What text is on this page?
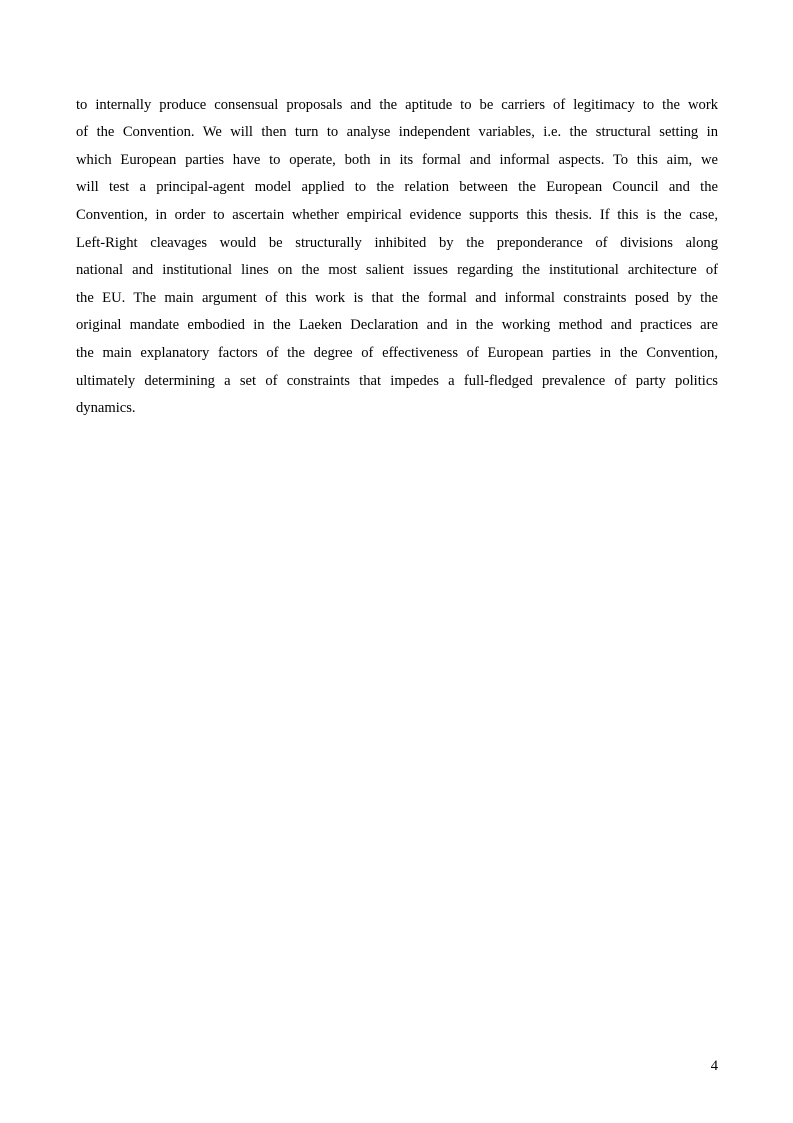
to internally produce consensual proposals and the aptitude to be carriers of legitimacy to the work
of the Convention. We will then turn to analyse independent variables, i.e. the structural setting in
which European parties have to operate, both in its formal and informal aspects. To this aim, we
will test a principal-agent model applied to the relation between the European Council and the
Convention, in order to ascertain whether empirical evidence supports this thesis. If this is the case,
Left-Right cleavages would be structurally inhibited by the preponderance of divisions along
national and institutional lines on the most salient issues regarding the institutional architecture of
the EU. The main argument of this work is that the formal and informal constraints posed by the
original mandate embodied in the Laeken Declaration and in the working method and practices are
the main explanatory factors of the degree of effectiveness of European parties in the Convention,
ultimately determining a set of constraints that impedes a full-fledged prevalence of party politics
dynamics.
4
